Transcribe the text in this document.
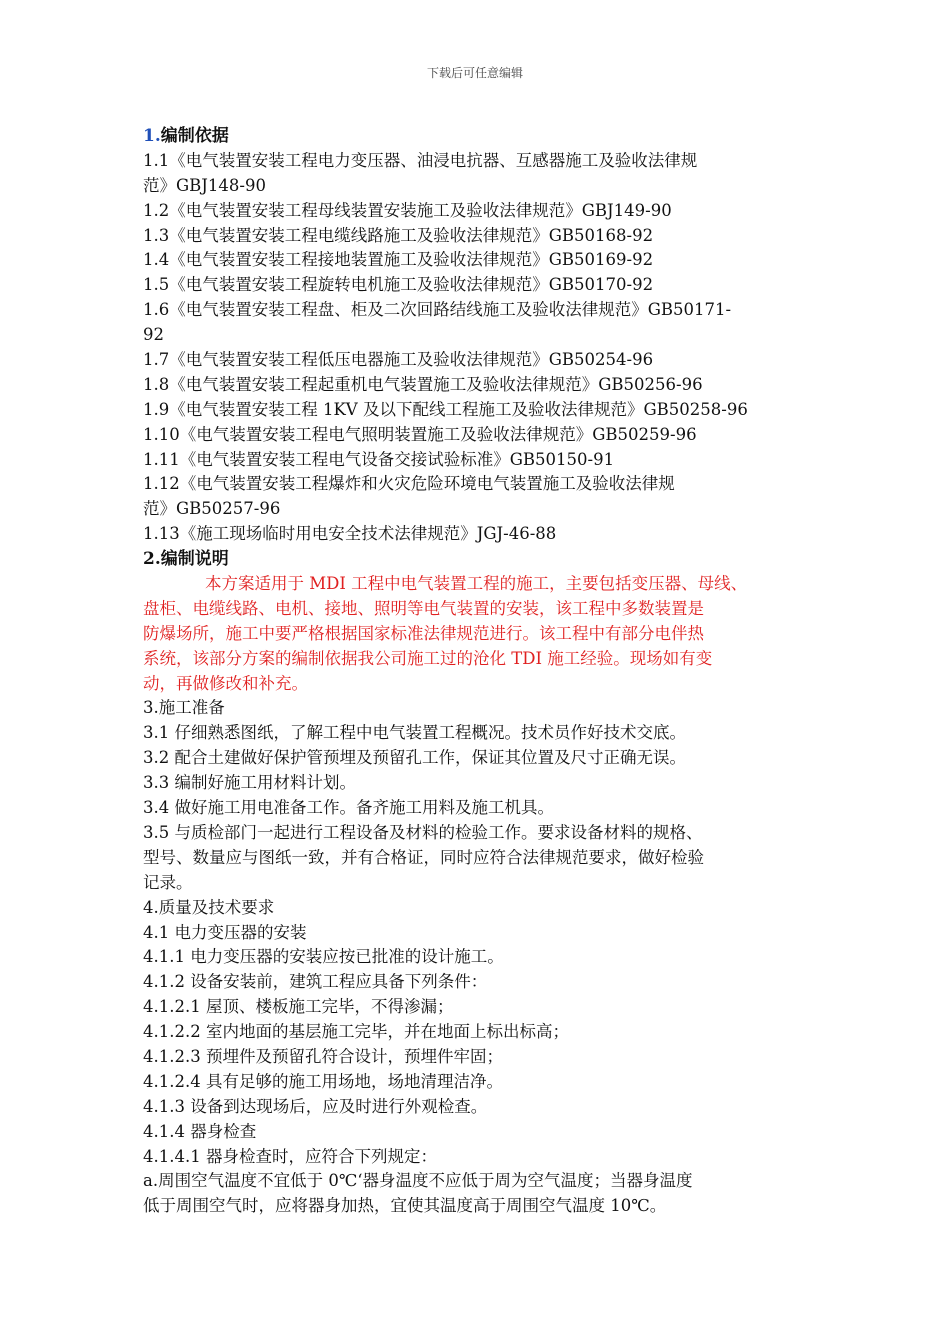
下载后可任意编辑
1.编制依据
1.1《电气装置安装工程电力变压器、油浸电抗器、互感器施工及验收法律规
范》GBJ148-90
1.2《电气装置安装工程母线装置安装施工及验收法律规范》GBJ149-90
1.3《电气装置安装工程电缆线路施工及验收法律规范》GB50168-92
1.4《电气装置安装工程接地装置施工及验收法律规范》GB50169-92
1.5《电气装置安装工程旋转电机施工及验收法律规范》GB50170-92
1.6《电气装置安装工程盘、柜及二次回路结线施工及验收法律规范》GB50171-
92
1.7《电气装置安装工程低压电器施工及验收法律规范》GB50254-96
1.8《电气装置安装工程起重机电气装置施工及验收法律规范》GB50256-96
1.9《电气装置安装工程 1KV 及以下配线工程施工及验收法律规范》GB50258-96
1.10《电气装置安装工程电气照明装置施工及验收法律规范》GB50259-96
1.11《电气装置安装工程电气设备交接试验标准》GB50150-91
1.12《电气装置安装工程爆炸和火灾危险环境电气装置施工及验收法律规
范》GB50257-96
1.13《施工现场临时用电安全技术法律规范》JGJ-46-88
2.编制说明
本方案适用于 MDI 工程中电气装置工程的施工，主要包括变压器、母线、
盘柜、电缆线路、电机、接地、照明等电气装置的安装，该工程中多数装置是
防爆场所，施工中要严格根据国家标准法律规范进行。该工程中有部分电伴热
系统，该部分方案的编制依据我公司施工过的沧化 TDI 施工经验。现场如有变
动，再做修改和补充。
3.施工准备
3.1 仔细熟悉图纸，了解工程中电气装置工程概况。技术员作好技术交底。
3.2 配合土建做好保护管预埋及预留孔工作，保证其位置及尺寸正确无误。
3.3 编制好施工用材料计划。
3.4 做好施工用电准备工作。备齐施工用料及施工机具。
3.5 与质检部门一起进行工程设备及材料的检验工作。要求设备材料的规格、
型号、数量应与图纸一致，并有合格证，同时应符合法律规范要求，做好检验
记录。
4.质量及技术要求
4.1 电力变压器的安装
4.1.1 电力变压器的安装应按已批准的设计施工。
4.1.2 设备安装前，建筑工程应具备下列条件：
4.1.2.1 屋顶、楼板施工完毕，不得渗漏；
4.1.2.2 室内地面的基层施工完毕，并在地面上标出标高；
4.1.2.3 预埋件及预留孔符合设计，预埋件牢固；
4.1.2.4 具有足够的施工用场地，场地清理洁净。
4.1.3 设备到达现场后，应及时进行外观检查。
4.1.4 器身检查
4.1.4.1 器身检查时，应符合下列规定：
a.周围空气温度不宜低于 0℃‘器身温度不应低于周为空气温度；当器身温度
低于周围空气时，应将器身加热，宜使其温度高于周围空气温度 10℃。
